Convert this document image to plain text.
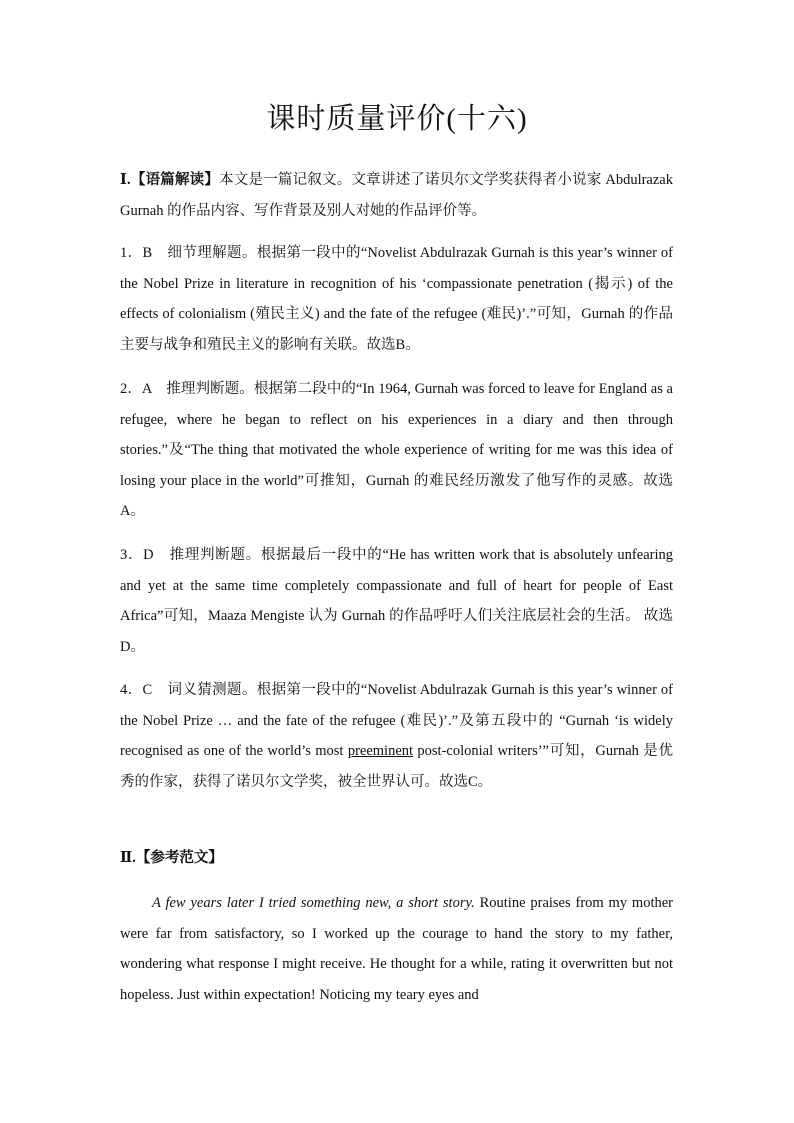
课时质量评价(十六)

Ⅰ.【语篇解读】本文是一篇记叙文。文章讲述了诺贝尔文学奖获得者小说家 Abdulrazak Gurnah 的作品内容、写作背景及别人对她的作品评价等。

1．B　细节理解题。根据第一段中的“Novelist Abdulrazak Gurnah is this year’s winner of the Nobel Prize in literature in recognition of his ‘compassionate penetration (揭示) of the effects of colonialism (殖民主义) and the fate of the refugee (难民)’.”可知，Gurnah 的作品主要与战争和殖民主义的影响有关联。故选B。

2．A　推理判断题。根据第二段中的“In 1964, Gurnah was forced to leave for England as a refugee, where he began to reflect on his experiences in a diary and then through stories.”及“The thing that motivated the whole experience of writing for me was this idea of losing your place in the world”可推知，Gurnah 的难民经历激发了他写作的灵感。故选A。

3．D　推理判断题。根据最后一段中的“He has written work that is absolutely unfearing and yet at the same time completely compassionate and full of heart for people of East Africa”可知，Maaza Mengiste 认为 Gurnah 的作品呼吁人们关注底层社会的生活。 故选D。

4．C　词义猜测题。根据第一段中的“Novelist Abdulrazak Gurnah is this year’s winner of the Nobel Prize … and the fate of the refugee (难民)’.”及第五段中的 “Gurnah ‘is widely recognised as one of the world’s most preeminent post-colonial writers’”可知，Gurnah 是优秀的作家，获得了诺贝尔文学奖，被全世界认可。故选C。

Ⅱ.【参考范文】

A few years later I tried something new, a short story. Routine praises from my mother were far from satisfactory, so I worked up the courage to hand the story to my father, wondering what response I might receive. He thought for a while, rating it overwritten but not hopeless. Just within expectation! Noticing my teary eyes and
